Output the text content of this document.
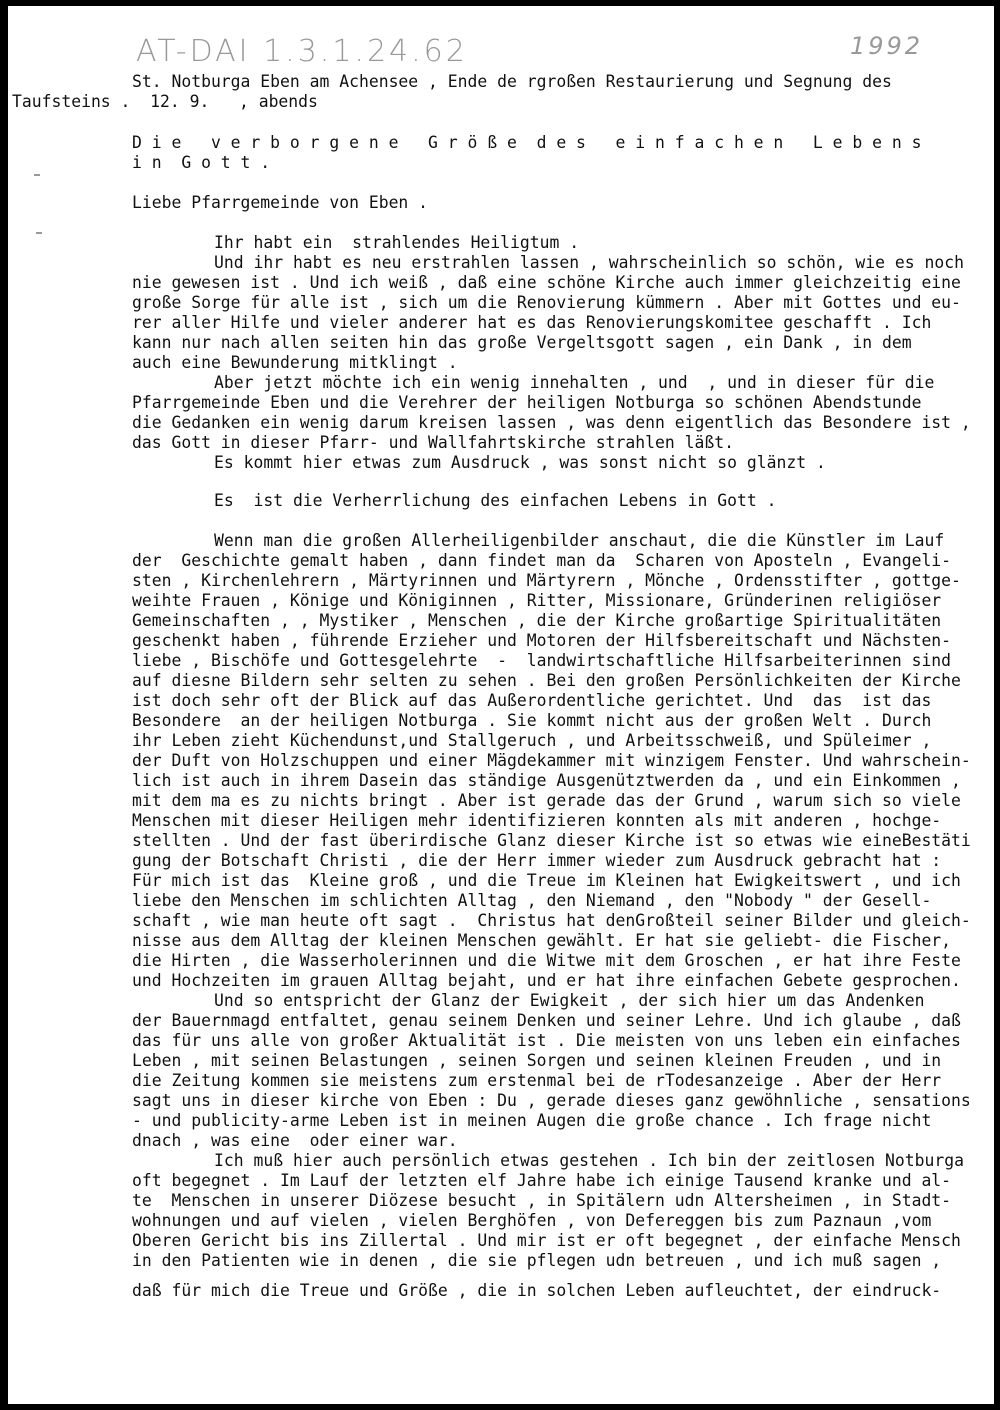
AT-DAI 1.3.1.24.62	1992
St. Notburga Eben am Achensee , Ende de rgroßen Restaurierung und Segnung des
Taufsteins .  12. 9.   , abends
D i e   v e r b o r g e n e   G r ö ß e  d e s   e i n f a c h e n   L e b e n s
i n  G o t t .
Liebe Pfarrgemeinde von Eben .
Ihr habt ein  strahlendes Heiligtum .
Und ihr habt es neu erstrahlen lassen , wahrscheinlich so schön, wie es noch
nie gewesen ist . Und ich weiß , daß eine schöne Kirche auch immer gleichzeitig eine
große Sorge für alle ist , sich um die Renovierung kümmern . Aber mit Gottes und eu-
rer aller Hilfe und vieler anderer hat es das Renovierungskomitee geschafft . Ich
kann nur nach allen seiten hin das große Vergeltsgott sagen , ein Dank , in dem
auch eine Bewunderung mitklingt .
Aber jetzt möchte ich ein wenig innehalten , und  , und in dieser für die
Pfarrgemeinde Eben und die Verehrer der heiligen Notburga so schönen Abendstunde
die Gedanken ein wenig darum kreisen lassen , was denn eigentlich das Besondere ist ,
das Gott in dieser Pfarr- und Wallfahrtskirche strahlen läßt.
Es kommt hier etwas zum Ausdruck , was sonst nicht so glänzt .
Es  ist die Verherrlichung des einfachen Lebens in Gott .
Wenn man die großen Allerheiligenbilder anschaut, die die Künstler im Lauf
der  Geschichte gemalt haben , dann findet man da  Scharen von Aposteln , Evangeli-
sten , Kirchenlehrern , Märtyrinnen und Märtyrern , Mönche , Ordensstifter , gottge-
weihte Frauen , Könige und Königinnen , Ritter, Missionare, Gründerinen religiöser
Gemeinschaften , , Mystiker , Menschen , die der Kirche großartige Spiritualitäten
geschenkt haben , führende Erzieher und Motoren der Hilfsbereitschaft und Nächsten-
liebe , Bischöfe und Gottesgelehrte  -  landwirtschaftliche Hilfsarbeiterinnen sind
auf diesne Bildern sehr selten zu sehen . Bei den großen Persönlichkeiten der Kirche
ist doch sehr oft der Blick auf das Außerordentliche gerichtet. Und  das  ist das
Besondere  an der heiligen Notburga . Sie kommt nicht aus der großen Welt . Durch
ihr Leben zieht Küchendunst,und Stallgeruch , und Arbeitsschweiß, und Spüleimer ,
der Duft von Holzschuppen und einer Mägdekammer mit winzigem Fenster. Und wahrschein-
lich ist auch in ihrem Dasein das ständige Ausgenütztwerden da , und ein Einkommen ,
mit dem ma es zu nichts bringt . Aber ist gerade das der Grund , warum sich so viele
Menschen mit dieser Heiligen mehr identifizieren konnten als mit anderen , hochge-
stellten . Und der fast überirdische Glanz dieser Kirche ist so etwas wie eineBestäti
gung der Botschaft Christi , die der Herr immer wieder zum Ausdruck gebracht hat :
Für mich ist das  Kleine groß , und die Treue im Kleinen hat Ewigkeitswert , und ich
liebe den Menschen im schlichten Alltag , den Niemand , den "Nobody " der Gesell-
schaft , wie man heute oft sagt .  Christus hat denGroßteil seiner Bilder und gleich-
nisse aus dem Alltag der kleinen Menschen gewählt. Er hat sie geliebt- die Fischer,
die Hirten , die Wasserholerinnen und die Witwe mit dem Groschen , er hat ihre Feste
und Hochzeiten im grauen Alltag bejaht, und er hat ihre einfachen Gebete gesprochen.
Und so entspricht der Glanz der Ewigkeit , der sich hier um das Andenken
der Bauernmagd entfaltet, genau seinem Denken und seiner Lehre. Und ich glaube , daß
das für uns alle von großer Aktualität ist . Die meisten von uns leben ein einfaches
Leben , mit seinen Belastungen , seinen Sorgen und seinen kleinen Freuden , und in
die Zeitung kommen sie meistens zum erstenmal bei de rTodesanzeige . Aber der Herr
sagt uns in dieser kirche von Eben : Du , gerade dieses ganz gewöhnliche , sensations
- und publicity-arme Leben ist in meinen Augen die große chance . Ich frage nicht
dnach , was eine  oder einer war.
Ich muß hier auch persönlich etwas gestehen . Ich bin der zeitlosen Notburga
oft begegnet . Im Lauf der letzten elf Jahre habe ich einige Tausend kranke und al-
te  Menschen in unserer Diözese besucht , in Spitälern udn Altersheimen , in Stadt-
wohnungen und auf vielen , vielen Berghöfen , von Defereggen bis zum Paznaun ,vom
Oberen Gericht bis ins Zillertal . Und mir ist er oft begegnet , der einfache Mensch
in den Patienten wie in denen , die sie pflegen udn betreuen , und ich muß sagen ,
daß für mich die Treue und Größe , die in solchen Leben aufleuchtet, der eindruck-
